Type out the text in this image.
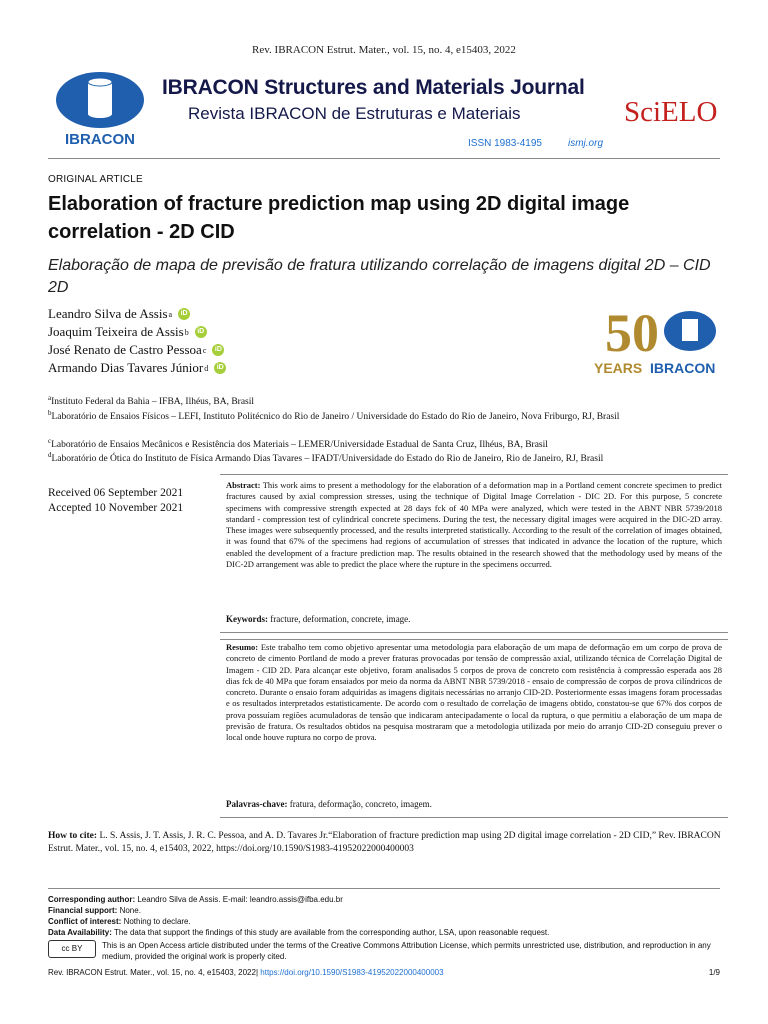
Rev. IBRACON Estrut. Mater., vol. 15, no. 4, e15403, 2022
IBRACON
IBRACON Structures and Materials Journal
Revista IBRACON de Estruturas e Materiais
ISSN 1983-4195	ismj.org
SciELO
ORIGINAL ARTICLE
Elaboration of fracture prediction map using 2D digital image correlation - 2D CID
Elaboração de mapa de previsão de fratura utilizando correlação de imagens digital 2D – CID 2D
Leandro Silva de Assis a	iD
Joaquim Teixeira de Assis b	iD
José Renato de Castro Pessoa c	iD
Armando Dias Tavares Júnior d	iD
50
YEARS IBRACON
$^a$Instituto Federal da Bahia – IFBA, Ilhéus, BA, Brasil
$^b$Laboratório de Ensaios Físicos – LEFI, Instituto Politécnico do Rio de Janeiro / Universidade do Estado do Rio de Janeiro, Nova Friburgo, RJ, Brasil
$^c$Laboratório de Ensaios Mecânicos e Resistência dos Materiais – LEMER/Universidade Estadual de Santa Cruz, Ilhéus, BA, Brasil
$^d$Laboratório de Ótica do Instituto de Física Armando Dias Tavares – IFADT/Universidade do Estado do Rio de Janeiro, Rio de Janeiro, RJ, Brasil
Received 06 September 2021
Accepted 10 November 2021
Abstract: This work aims to present a methodology for the elaboration of a deformation map in a Portland cement concrete specimen to predict fractures caused by axial compression stresses, using the technique of Digital Image Correlation - DIC 2D. For this purpose, 5 concrete specimens with compressive strength expected at 28 days fck of 40 MPa were analyzed, which were tested in the ABNT NBR 5739/2018 standard - compression test of cylindrical concrete specimens. During the test, the necessary digital images were acquired in the DIC-2D array. These images were subsequently processed, and the results interpreted statistically. According to the result of the correlation of images obtained, it was found that 67% of the specimens had regions of accumulation of stresses that indicated in advance the location of the rupture, which enabled the development of a fracture prediction map. The results obtained in the research showed that the methodology used by means of the DIC-2D arrangement was able to predict the place where the rupture in the specimens occurred.
Keywords: fracture, deformation, concrete, image.
Resumo: Este trabalho tem como objetivo apresentar uma metodologia para elaboração de um mapa de deformação em um corpo de prova de concreto de cimento Portland de modo a prever fraturas provocadas por tensão de compressão axial, utilizando técnica de Correlação Digital de Imagem - CID 2D. Para alcançar este objetivo, foram analisados 5 corpos de prova de concreto com resistência à compressão esperada aos 28 dias fck de 40 MPa que foram ensaiados por meio da norma da ABNT NBR 5739/2018 - ensaio de compressão de corpos de prova cilíndricos de concreto. Durante o ensaio foram adquiridas as imagens digitais necessárias no arranjo CID-2D. Posteriormente essas imagens foram processadas e os resultados interpretados estatisticamente. De acordo com o resultado de correlação de imagens obtido, constatou-se que 67% dos corpos de prova possuíam regiões acumuladoras de tensão que indicaram antecipadamente o local da ruptura, o que permitiu a elaboração de um mapa de previsão de fratura. Os resultados obtidos na pesquisa mostraram que a metodologia utilizada por meio do arranjo CID-2D conseguiu prever o local onde houve ruptura no corpo de prova.
Palavras-chave: fratura, deformação, concreto, imagem.
How to cite: L. S. Assis, J. T. Assis, J. R. C. Pessoa, and A. D. Tavares Jr.“Elaboration of fracture prediction map using 2D digital image correlation - 2D CID,” Rev. IBRACON Estrut. Mater., vol. 15, no. 4, e15403, 2022, https://doi.org/10.1590/S1983-41952022000400003
Corresponding author: Leandro Silva de Assis. E-mail: leandro.assis@ifba.edu.br
Financial support: None.
Conflict of interest: Nothing to declare.
Data Availability: The data that support the findings of this study are available from the corresponding author, LSA, upon reasonable request.
cc BY	This is an Open Access article distributed under the terms of the Creative Commons Attribution License, which permits unrestricted use, distribution, and reproduction in any medium, provided the original work is properly cited.
Rev. IBRACON Estrut. Mater., vol. 15, no. 4, e15403, 2022| https://doi.org/10.1590/S1983-41952022000400003	1/9
